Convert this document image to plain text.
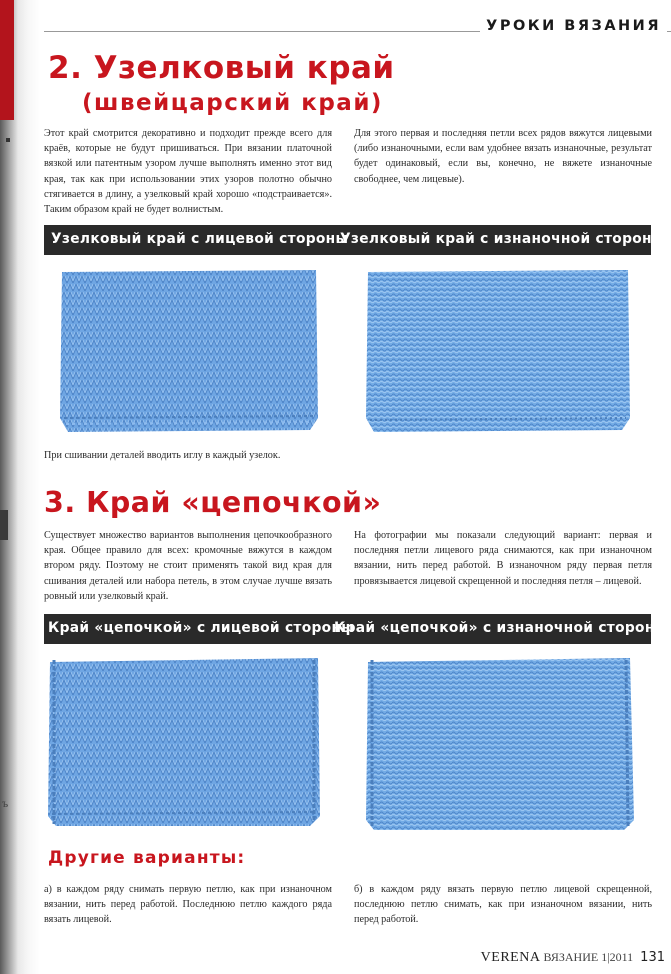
ъ
УРОКИ ВЯЗАНИЯ
2. Узелковый край
(швейцарский край)
Этот край смотрится декоративно и подходит прежде всего для краёв, которые не будут пришиваться. При вязании платочной вязкой или патентным узором лучше выполнять именно этот вид края, так как при использовании этих узоров полотно обычно стягивается в длину, а узелковый край хорошо «подстраивается». Таким образом край не будет волнистым.
Для этого первая и последняя петли всех рядов вяжутся лицевыми (либо изнаночными, если вам удобнее вязать изнаночные, результат будет одинаковый, если вы, конечно, не вяжете изнаночные свободнее, чем лицевые).
Узелковый край с лицевой стороны
Узелковый край с изнаночной стороны
При сшивании деталей вводить иглу в каждый узелок.
3. Край «цепочкой»
Существует множество вариантов выполнения цепочкообразного края. Общее правило для всех: кромочные вяжутся в каждом втором ряду. Поэтому не стоит применять такой вид края для сшивания деталей или набора петель, в этом случае лучше вязать ровный или узелковый край.
На фотографии мы показали следующий вариант: первая и последняя петли лицевого ряда снимаются, как при изнаночном вязании, нить перед работой. В изнаночном ряду первая петля провязывается лицевой скрещенной и последняя петля – лицевой.
Край «цепочкой» с лицевой стороны
Край «цепочкой» с изнаночной стороны
Другие варианты:
а) в каждом ряду снимать первую петлю, как при изнаночном вязании, нить перед работой. Последнюю петлю каждого ряда вязать лицевой.
б) в каждом ряду вязать первую петлю лицевой скрещенной, последнюю петлю снимать, как при изнаночном вязании, нить перед работой.
VERENA ВЯЗАНИЕ 1|2011 131
